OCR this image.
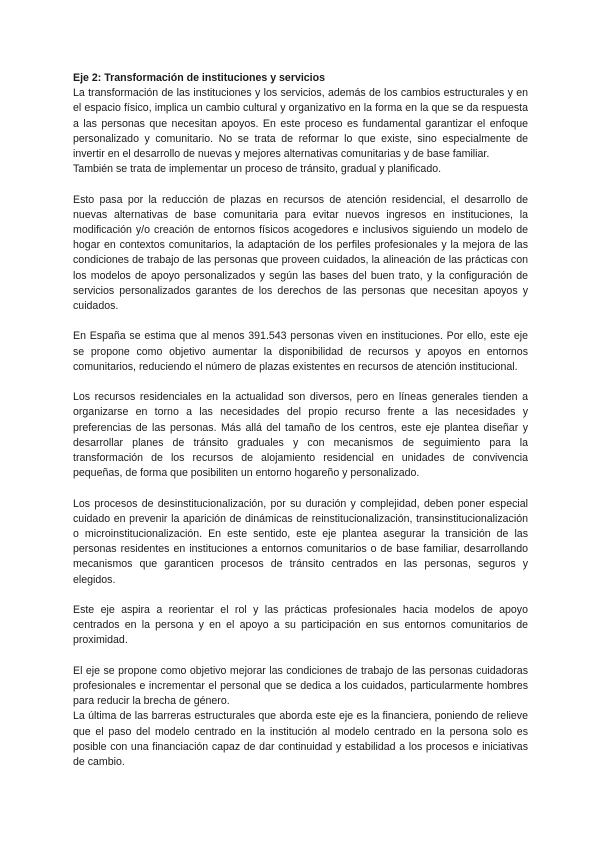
Eje 2: Transformación de instituciones y servicios

La transformación de las instituciones y los servicios, además de los cambios estructurales y en el espacio físico, implica un cambio cultural y organizativo en la forma en la que se da respuesta a las personas que necesitan apoyos. En este proceso es fundamental garantizar el enfoque personalizado y comunitario. No se trata de reformar lo que existe, sino especialmente de invertir en el desarrollo de nuevas y mejores alternativas comunitarias y de base familiar.

También se trata de implementar un proceso de tránsito, gradual y planificado.

Esto pasa por la reducción de plazas en recursos de atención residencial, el desarrollo de nuevas alternativas de base comunitaria para evitar nuevos ingresos en instituciones, la modificación y/o creación de entornos físicos acogedores e inclusivos siguiendo un modelo de hogar en contextos comunitarios, la adaptación de los perfiles profesionales y la mejora de las condiciones de trabajo de las personas que proveen cuidados, la alineación de las prácticas con los modelos de apoyo personalizados y según las bases del buen trato, y la configuración de servicios personalizados garantes de los derechos de las personas que necesitan apoyos y cuidados.

En España se estima que al menos 391.543 personas viven en instituciones. Por ello, este eje se propone como objetivo aumentar la disponibilidad de recursos y apoyos en entornos comunitarios, reduciendo el número de plazas existentes en recursos de atención institucional.

Los recursos residenciales en la actualidad son diversos, pero en líneas generales tienden a organizarse en torno a las necesidades del propio recurso frente a las necesidades y preferencias de las personas. Más allá del tamaño de los centros, este eje plantea diseñar y desarrollar planes de tránsito graduales y con mecanismos de seguimiento para la transformación de los recursos de alojamiento residencial en unidades de convivencia pequeñas, de forma que posibiliten un entorno hogareño y personalizado.

Los procesos de desinstitucionalización, por su duración y complejidad, deben poner especial cuidado en prevenir la aparición de dinámicas de reinstitucionalización, transinstitucionalización o microinstitucionalización. En este sentido, este eje plantea asegurar la transición de las personas residentes en instituciones a entornos comunitarios o de base familiar, desarrollando mecanismos que garanticen procesos de tránsito centrados en las personas, seguros y elegidos.

Este eje aspira a reorientar el rol y las prácticas profesionales hacia modelos de apoyo centrados en la persona y en el apoyo a su participación en sus entornos comunitarios de proximidad.

El eje se propone como objetivo mejorar las condiciones de trabajo de las personas cuidadoras profesionales e incrementar el personal que se dedica a los cuidados, particularmente hombres para reducir la brecha de género.

La última de las barreras estructurales que aborda este eje es la financiera, poniendo de relieve que el paso del modelo centrado en la institución al modelo centrado en la persona solo es posible con una financiación capaz de dar continuidad y estabilidad a los procesos e iniciativas de cambio.
